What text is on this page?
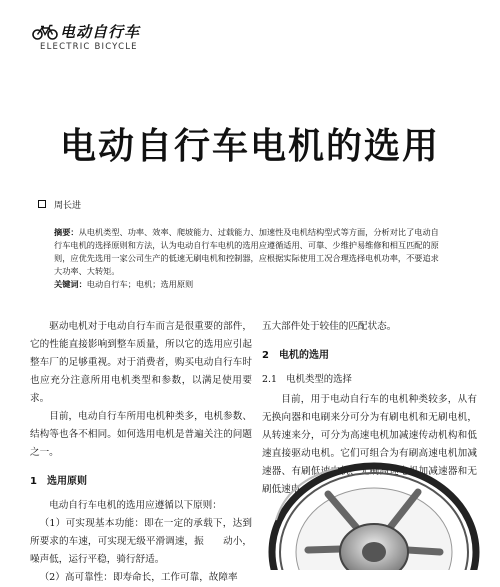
电动自行车
ELECTRIC BICYCLE
电动自行车电机的选用
周长进
摘要：从电机类型、功率、效率、爬坡能力、过载能力、加速性及电机结构型式等方面，分析对比了电动自行车电机的选择原则和方法，认为电动自行车电机的选用应遵循适用、可靠、少维护易维修和相互匹配的原则，应优先选用一家公司生产的低速无刷电机和控制器，应根据实际使用工况合理选择电机功率，不要追求大功率、大转矩。
关键词：电动自行车；电机；选用原则

驱动电机对于电动自行车而言是很重要的部件，它的性能直接影响到整车质量，所以它的选用应引起整车厂的足够重视。对于消费者，购买电动自行车时也应充分注意所用电机类型和参数，以满足使用要求。

目前，电动自行车所用电机种类多，电机参数、结构等也各不相同。如何选用电机是普遍关注的问题之一。

1　选用原则

电动自行车电机的选用应遵循以下原则：

（1）可实现基本功能：即在一定的承载下，达到所要求的车速，可实现无级平滑调速，振　　动小，噪声低，运行平稳，骑行舒适。

（2）高可靠性：即寿命长，工作可靠，故障率

五大部件处于较佳的匹配状态。

2　电机的选用
2.1　电机类型的选择

目前，用于电动自行车的电机种类较多，从有无换向器和电刷来分可分为有刷电机和无刷电机，从转速来分，可分为高速电机加减速传动机构和低速直接驱动电机。它们可组合为有刷高速电机加减速器、有刷低速电机、无刷高速电机加减速器和无刷低速电
